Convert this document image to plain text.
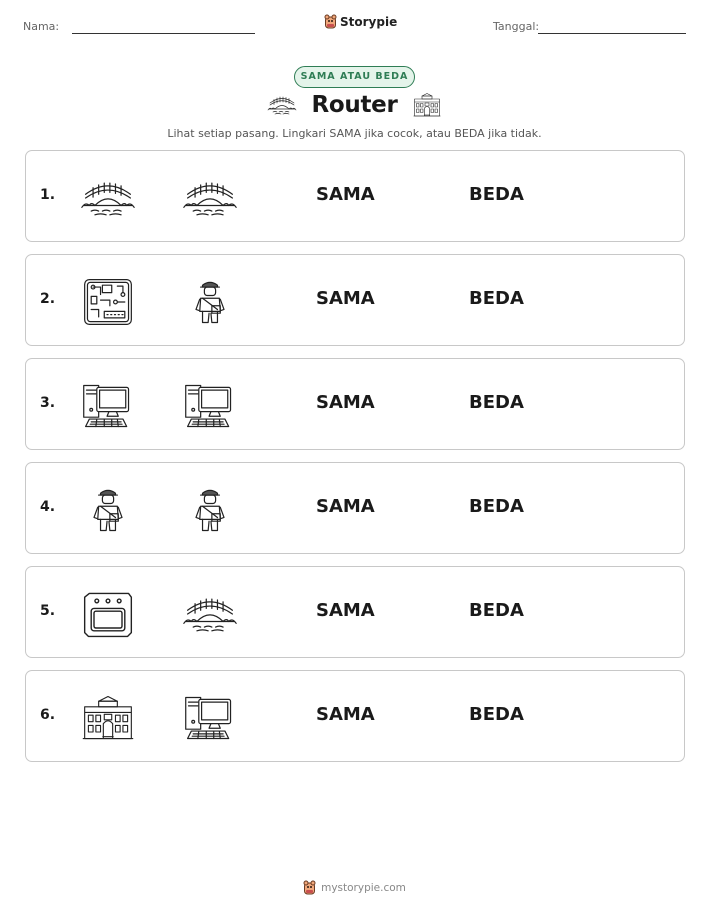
Nama:	Storypie	Tanggal:
SAMA ATAU BEDA
Router
Lihat setiap pasang. Lingkari SAMA jika cocok, atau BEDA jika tidak.
1.	SAMA	BEDA
2.	SAMA	BEDA
3.	SAMA	BEDA
4.	SAMA	BEDA
5.	SAMA	BEDA
6.	SAMA	BEDA
mystorypie.com
